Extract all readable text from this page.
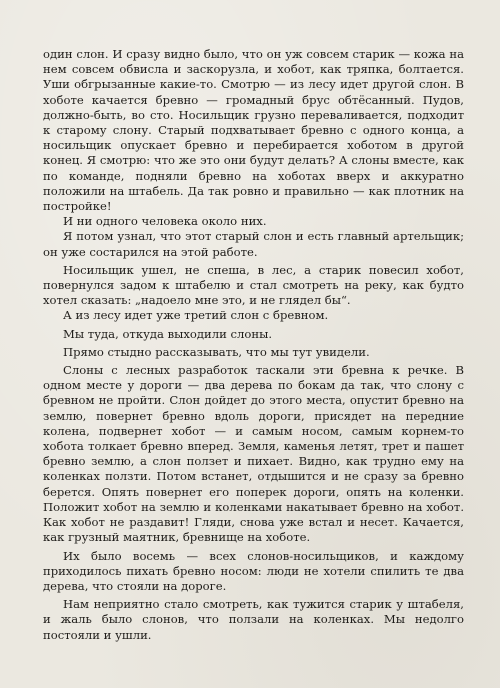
один слон. И сразу видно было, что он уж совсем старик — кожа на нем совсем обвисла и заскорузла, и хобот, как тряпка, болтается. Уши обгрызанные какие-то. Смотрю — из лесу идет другой слон. В хоботе качается бревно — громадный брус обтёсанный. Пудов, должно-быть, во сто. Носильщик грузно переваливается, подходит к старому слону. Старый подхватывает бревно с одного конца, а носильщик опускает бревно и перебирается хоботом в другой конец. Я смотрю: что же это они будут делать? А слоны вместе, как по команде, подняли бревно на хоботах вверх и аккуратно положили на штабель. Да так ровно и правильно — как плотник на постройке!

И ни одного человека около них.

Я потом узнал, что этот старый слон и есть главный артельщик; он уже состарился на этой работе.

Носильщик ушел, не спеша, в лес, а старик повесил хобот, повернулся задом к штабелю и стал смотреть на реку, как будто хотел сказать: „надоело мне это, и не глядел бы“.

А из лесу идет уже третий слон с бревном.

Мы туда, откуда выходили слоны.

Прямо стыдно рассказывать, что мы тут увидели.

Слоны с лесных разработок таскали эти бревна к речке. В одном месте у дороги — два дерева по бокам да так, что слону с бревном не пройти. Слон дойдет до этого места, опустит бревно на землю, повернет бревно вдоль дороги, присядет на передние колена, подвернет хобот — и самым носом, самым корнем-то хобота толкает бревно вперед. Земля, каменья летят, трет и пашет бревно землю, а слон ползет и пихает. Видно, как трудно ему на коленках ползти. Потом встанет, отдышится и не сразу за бревно берется. Опять повернет его поперек дороги, опять на коленки. Положит хобот на землю и коленками накатывает бревно на хобот. Как хобот не раздавит! Гляди, снова уже встал и несет. Качается, как грузный маятник, бревнище на хоботе.

Их было восемь — всех слонов-носильщиков, и каждому приходилось пихать бревно носом: люди не хотели спилить те два дерева, что стояли на дороге.

Нам неприятно стало смотреть, как тужится старик у штабеля, и жаль было слонов, что ползали на коленках. Мы недолго постояли и ушли.
